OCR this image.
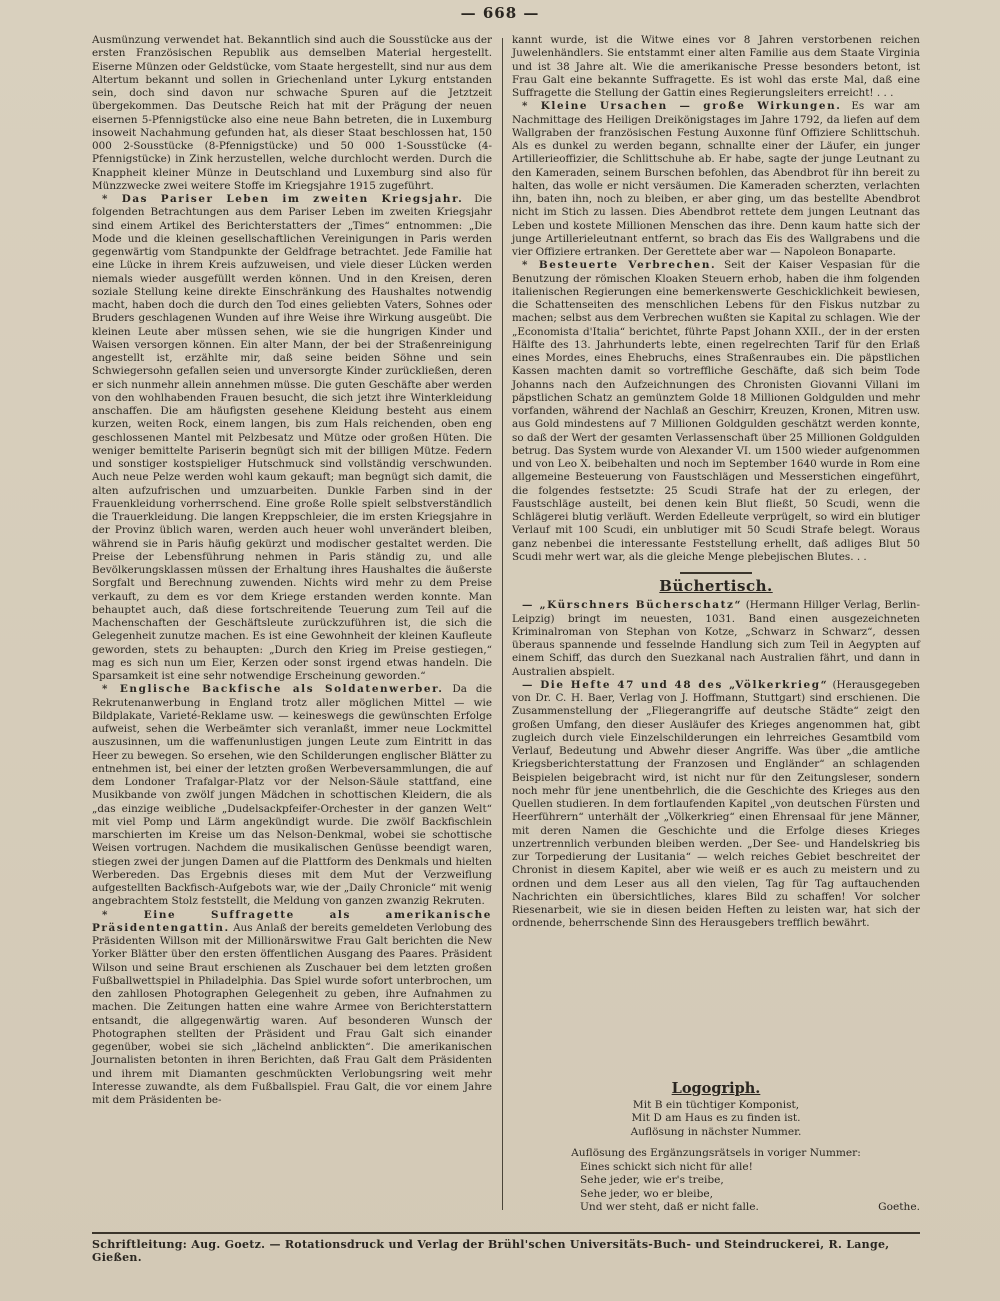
— 668 —

Ausmünzung verwendet hat. Bekanntlich sind auch die Sousstücke aus der ersten Französischen Republik aus demselben Material hergestellt. Eiserne Münzen oder Geldstücke, vom Staate hergestellt, sind nur aus dem Altertum bekannt und sollen in Griechenland unter Lykurg entstanden sein, doch sind davon nur schwache Spuren auf die Jetztzeit übergekommen. Das Deutsche Reich hat mit der Prägung der neuen eisernen 5-Pfennigstücke also eine neue Bahn betreten, die in Luxemburg insoweit Nachahmung gefunden hat, als dieser Staat beschlossen hat, 150 000 2-Sousstücke (8-Pfennigstücke) und 50 000 1-Sousstücke (4-Pfennigstücke) in Zink herzustellen, welche durchlocht werden. Durch die Knappheit kleiner Münze in Deutschland und Luxemburg sind also für Münzzwecke zwei weitere Stoffe im Kriegsjahre 1915 zugeführt.

* Das Pariser Leben im zweiten Kriegsjahr. Die folgenden Betrachtungen aus dem Pariser Leben im zweiten Kriegsjahr sind einem Artikel des Berichterstatters der „Times“ entnommen: „Die Mode und die kleinen gesellschaftlichen Vereinigungen in Paris werden gegenwärtig vom Standpunkte der Geldfrage betrachtet. Jede Familie hat eine Lücke in ihrem Kreis aufzuweisen, und viele dieser Lücken werden niemals wieder ausgefüllt werden können. Und in den Kreisen, deren soziale Stellung keine direkte Einschränkung des Haushaltes notwendig macht, haben doch die durch den Tod eines geliebten Vaters, Sohnes oder Bruders geschlagenen Wunden auf ihre Weise ihre Wirkung ausgeübt. Die kleinen Leute aber müssen sehen, wie sie die hungrigen Kinder und Waisen versorgen können. Ein alter Mann, der bei der Straßenreinigung angestellt ist, erzählte mir, daß seine beiden Söhne und sein Schwiegersohn gefallen seien und unversorgte Kinder zurückließen, deren er sich nunmehr allein annehmen müsse. Die guten Geschäfte aber werden von den wohlhabenden Frauen besucht, die sich jetzt ihre Winterkleidung anschaffen. Die am häufigsten gesehene Kleidung besteht aus einem kurzen, weiten Rock, einem langen, bis zum Hals reichenden, oben eng geschlossenen Mantel mit Pelzbesatz und Mütze oder großen Hüten. Die weniger bemittelte Pariserin begnügt sich mit der billigen Mütze. Federn und sonstiger kostspieliger Hutschmuck sind vollständig verschwunden. Auch neue Pelze werden wohl kaum gekauft; man begnügt sich damit, die alten aufzufrischen und umzuarbeiten. Dunkle Farben sind in der Frauenkleidung vorherrschend. Eine große Rolle spielt selbstverständlich die Trauerkleidung. Die langen Kreppschleier, die im ersten Kriegsjahre in der Provinz üblich waren, werden auch heuer wohl unverändert bleiben, während sie in Paris häufig gekürzt und modischer gestaltet werden. Die Preise der Lebensführung nehmen in Paris ständig zu, und alle Bevölkerungsklassen müssen der Erhaltung ihres Haushaltes die äußerste Sorgfalt und Berechnung zuwenden. Nichts wird mehr zu dem Preise verkauft, zu dem es vor dem Kriege erstanden werden konnte. Man behauptet auch, daß diese fortschreitende Teuerung zum Teil auf die Machenschaften der Geschäftsleute zurückzuführen ist, die sich die Gelegenheit zunutze machen. Es ist eine Gewohnheit der kleinen Kaufleute geworden, stets zu behaupten: „Durch den Krieg im Preise gestiegen,“ mag es sich nun um Eier, Kerzen oder sonst irgend etwas handeln. Die Sparsamkeit ist eine sehr notwendige Erscheinung geworden.“

* Englische Backfische als Soldatenwerber. Da die Rekrutenanwerbung in England trotz aller möglichen Mittel — wie Bildplakate, Varieté-Reklame usw. — keineswegs die gewünschten Erfolge aufweist, sehen die Werbeämter sich veranlaßt, immer neue Lockmittel auszusinnen, um die waffenunlustigen jungen Leute zum Eintritt in das Heer zu bewegen. So ersehen, wie den Schilderungen englischer Blätter zu entnehmen ist, bei einer der letzten großen Werbeversammlungen, die auf dem Londoner Trafalgar-Platz vor der Nelson-Säule stattfand, eine Musikbande von zwölf jungen Mädchen in schottischen Kleidern, die als „das einzige weibliche „Dudelsackpfeifer-Orchester in der ganzen Welt“ mit viel Pomp und Lärm angekündigt wurde. Die zwölf Backfischlein marschierten im Kreise um das Nelson-Denkmal, wobei sie schottische Weisen vortrugen. Nachdem die musikalischen Genüsse beendigt waren, stiegen zwei der jungen Damen auf die Plattform des Denkmals und hielten Werbereden. Das Ergebnis dieses mit dem Mut der Verzweiflung aufgestellten Backfisch-Aufgebots war, wie der „Daily Chronicle“ mit wenig angebrachtem Stolz feststellt, die Meldung von ganzen zwanzig Rekruten.

* Eine Suffragette als amerikanische Präsidentengattin. Aus Anlaß der bereits gemeldeten Verlobung des Präsidenten Willson mit der Millionärswitwe Frau Galt berichten die New Yorker Blätter über den ersten öffentlichen Ausgang des Paares. Präsident Wilson und seine Braut erschienen als Zuschauer bei dem letzten großen Fußballwettspiel in Philadelphia. Das Spiel wurde sofort unterbrochen, um den zahllosen Photographen Gelegenheit zu geben, ihre Aufnahmen zu machen. Die Zeitungen hatten eine wahre Armee von Berichterstattern entsandt, die allgegenwärtig waren. Auf besonderen Wunsch der Photographen stellten der Präsident und Frau Galt sich einander gegenüber, wobei sie sich „lächelnd anblickten“. Die amerikanischen Journalisten betonten in ihren Berichten, daß Frau Galt dem Präsidenten und ihrem mit Diamanten geschmückten Verlobungsring weit mehr Interesse zuwandte, als dem Fußballspiel. Frau Galt, die vor einem Jahre mit dem Präsidenten be-

kannt wurde, ist die Witwe eines vor 8 Jahren verstorbenen reichen Juwelenhändlers. Sie entstammt einer alten Familie aus dem Staate Virginia und ist 38 Jahre alt. Wie die amerikanische Presse besonders betont, ist Frau Galt eine bekannte Suffragette. Es ist wohl das erste Mal, daß eine Suffragette die Stellung der Gattin eines Regierungsleiters erreicht! . . .

* Kleine Ursachen — große Wirkungen. Es war am Nachmittage des Heiligen Dreikönigstages im Jahre 1792, da liefen auf dem Wallgraben der französischen Festung Auxonne fünf Offiziere Schlittschuh. Als es dunkel zu werden begann, schnallte einer der Läufer, ein junger Artillerieoffizier, die Schlittschuhe ab. Er habe, sagte der junge Leutnant zu den Kameraden, seinem Burschen befohlen, das Abendbrot für ihn bereit zu halten, das wolle er nicht versäumen. Die Kameraden scherzten, verlachten ihn, baten ihn, noch zu bleiben, er aber ging, um das bestellte Abendbrot nicht im Stich zu lassen. Dies Abendbrot rettete dem jungen Leutnant das Leben und kostete Millionen Menschen das ihre. Denn kaum hatte sich der junge Artillerieleutnant entfernt, so brach das Eis des Wallgrabens und die vier Offiziere ertranken. Der Gerettete aber war — Napoleon Bonaparte.

* Besteuerte Verbrechen. Seit der Kaiser Vespasian für die Benutzung der römischen Kloaken Steuern erhob, haben die ihm folgenden italienischen Regierungen eine bemerkenswerte Geschicklichkeit bewiesen, die Schattenseiten des menschlichen Lebens für den Fiskus nutzbar zu machen; selbst aus dem Verbrechen wußten sie Kapital zu schlagen. Wie der „Economista d'Italia“ berichtet, führte Papst Johann XXII., der in der ersten Hälfte des 13. Jahrhunderts lebte, einen regelrechten Tarif für den Erlaß eines Mordes, eines Ehebruchs, eines Straßenraubes ein. Die päpstlichen Kassen machten damit so vortreffliche Geschäfte, daß sich beim Tode Johanns nach den Aufzeichnungen des Chronisten Giovanni Villani im päpstlichen Schatz an gemünztem Golde 18 Millionen Goldgulden und mehr vorfanden, während der Nachlaß an Geschirr, Kreuzen, Kronen, Mitren usw. aus Gold mindestens auf 7 Millionen Goldgulden geschätzt werden konnte, so daß der Wert der gesamten Verlassenschaft über 25 Millionen Goldgulden betrug. Das System wurde von Alexander VI. um 1500 wieder aufgenommen und von Leo X. beibehalten und noch im September 1640 wurde in Rom eine allgemeine Besteuerung von Faustschlägen und Messerstichen eingeführt, die folgendes festsetzte: 25 Scudi Strafe hat der zu erlegen, der Faustschläge austeilt, bei denen kein Blut fließt, 50 Scudi, wenn die Schlägerei blutig verläuft. Werden Edelleute verprügelt, so wird ein blutiger Verlauf mit 100 Scudi, ein unblutiger mit 50 Scudi Strafe belegt. Woraus ganz nebenbei die interessante Feststellung erhellt, daß adliges Blut 50 Scudi mehr wert war, als die gleiche Menge plebejischen Blutes. . .

Büchertisch.

— „Kürschners Bücherschatz“ (Hermann Hillger Verlag, Berlin-Leipzig) bringt im neuesten, 1031. Band einen ausgezeichneten Kriminalroman von Stephan von Kotze, „Schwarz in Schwarz“, dessen überaus spannende und fesselnde Handlung sich zum Teil in Aegypten auf einem Schiff, das durch den Suezkanal nach Australien fährt, und dann in Australien abspielt.

— Die Hefte 47 und 48 des „Völkerkrieg“ (Herausgegeben von Dr. C. H. Baer, Verlag von J. Hoffmann, Stuttgart) sind erschienen. Die Zusammenstellung der „Fliegerangriffe auf deutsche Städte“ zeigt den großen Umfang, den dieser Ausläufer des Krieges angenommen hat, gibt zugleich durch viele Einzelschilderungen ein lehrreiches Gesamtbild vom Verlauf, Bedeutung und Abwehr dieser Angriffe. Was über „die amtliche Kriegsberichterstattung der Franzosen und Engländer“ an schlagenden Beispielen beigebracht wird, ist nicht nur für den Zeitungsleser, sondern noch mehr für jene unentbehrlich, die die Geschichte des Krieges aus den Quellen studieren. In dem fortlaufenden Kapitel „von deutschen Fürsten und Heerführern“ unterhält der „Völkerkrieg“ einen Ehrensaal für jene Männer, mit deren Namen die Geschichte und die Erfolge dieses Krieges unzertrennlich verbunden bleiben werden. „Der See- und Handelskrieg bis zur Torpedierung der Lusitania“ — welch reiches Gebiet beschreitet der Chronist in diesem Kapitel, aber wie weiß er es auch zu meistern und zu ordnen und dem Leser aus all den vielen, Tag für Tag auftauchenden Nachrichten ein übersichtliches, klares Bild zu schaffen! Vor solcher Riesenarbeit, wie sie in diesen beiden Heften zu leisten war, hat sich der ordnende, beherrschende Sinn des Herausgebers trefflich bewährt.

Logogriph.
Mit B ein tüchtiger Komponist,
Mit D am Haus es zu finden ist.
Auflösung in nächster Nummer.
Auflösung des Ergänzungsrätsels in voriger Nummer:
Eines schickt sich nicht für alle!
Sehe jeder, wie er's treibe,
Sehe jeder, wo er bleibe,
Und wer steht, daß er nicht falle.	Goethe.
Schriftleitung: Aug. Goetz. — Rotationsdruck und Verlag der Brühl'schen Universitäts-Buch- und Steindruckerei, R. Lange, Gießen.
